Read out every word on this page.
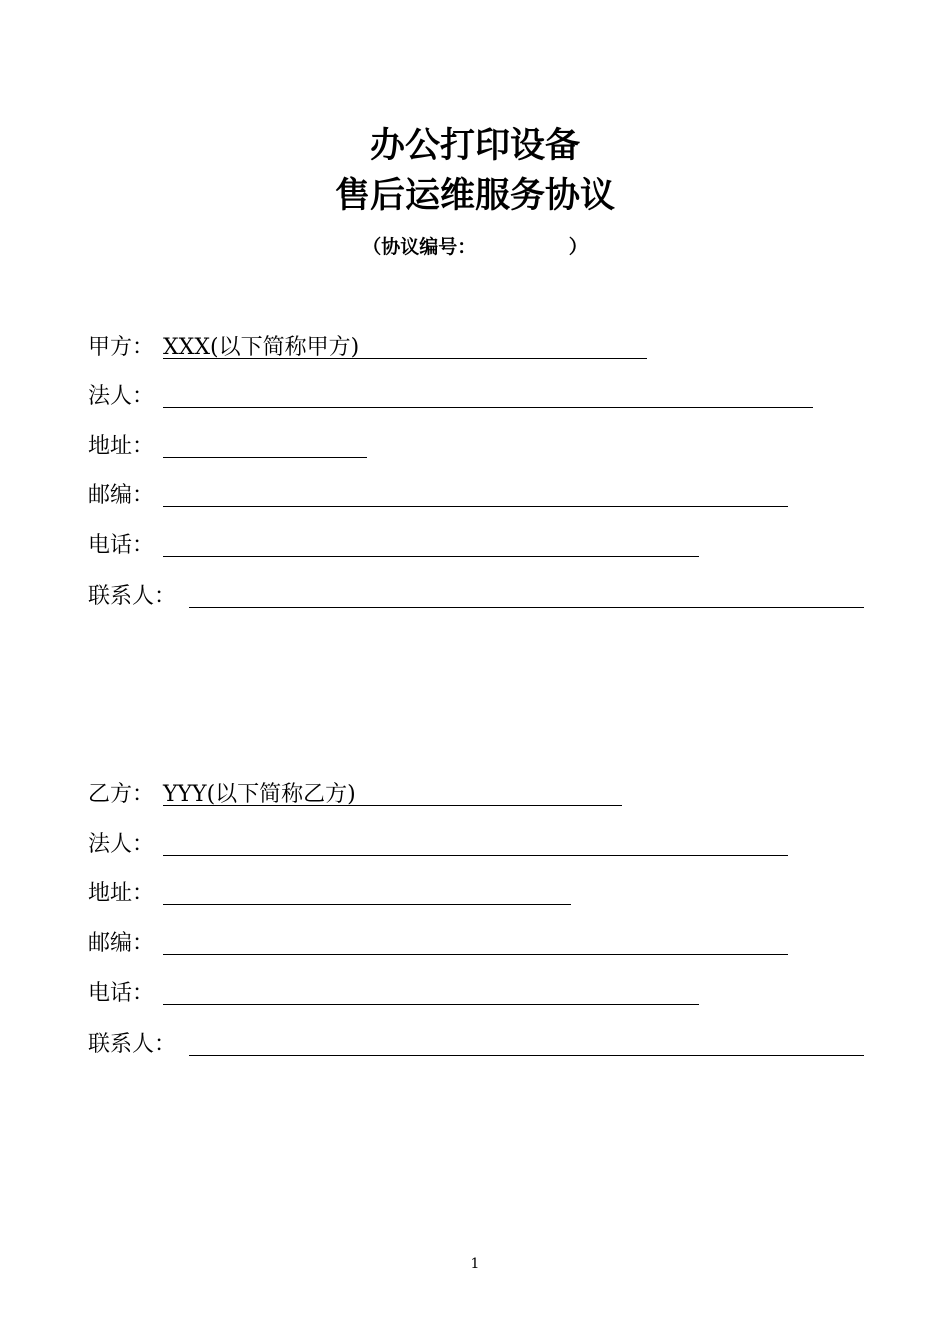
办公打印设备
售后运维服务协议
（协议编号：              ）
甲方： XXX(以下简称甲方)
法人：
地址：
邮编：
电话：
联系人：
乙方： YYY(以下简称乙方)
法人：
地址：
邮编：
电话：
联系人：
1
